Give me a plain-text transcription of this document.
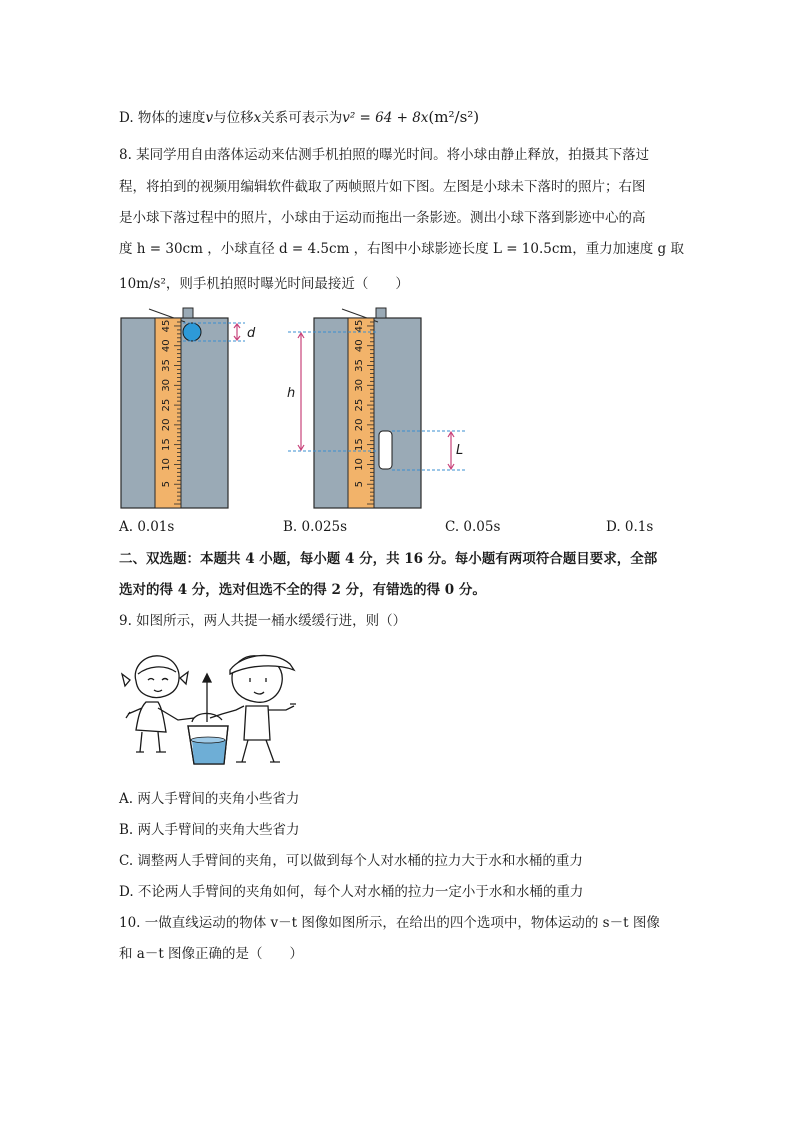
D. 物体的速度v与位移x关系可表示为v² = 64 + 8x(m²/s²)
8. 某同学用自由落体运动来估测手机拍照的曝光时间。将小球由静止释放，拍摄其下落过
程，将拍到的视频用编辑软件截取了两帧照片如下图。左图是小球未下落时的照片；右图
是小球下落过程中的照片，小球由于运动而拖出一条影迹。测出小球下落到影迹中心的高
度 h = 30cm ，小球直径 d = 4.5cm ，右图中小球影迹长度 L = 10.5cm，重力加速度 g 取
10m/s²，则手机拍照时曝光时间最接近（　　）
5
10
15
20
25
30
35
40
45
d
5
10
15
20
25
30
35
40
45
h
L
A. 0.01s	B. 0.025s	C. 0.05s	D. 0.1s
二、双选题：本题共 4 小题，每小题 4 分，共 16 分。每小题有两项符合题目要求，全部
选对的得 4 分，选对但选不全的得 2 分，有错选的得 0 分。
9. 如图所示，两人共提一桶水缓缓行进，则（）
A. 两人手臂间的夹角小些省力
B. 两人手臂间的夹角大些省力
C. 调整两人手臂间的夹角，可以做到每个人对水桶的拉力大于水和水桶的重力
D. 不论两人手臂间的夹角如何，每个人对水桶的拉力一定小于水和水桶的重力
10. 一做直线运动的物体 v－t 图像如图所示，在给出的四个选项中，物体运动的 s－t 图像
和 a－t 图像正确的是（　　）
